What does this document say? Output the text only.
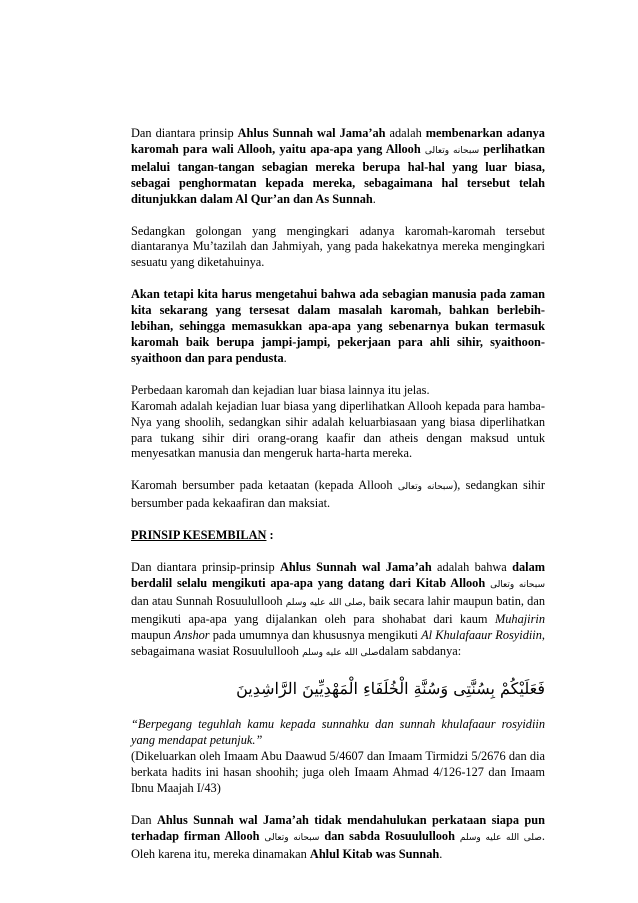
Dan diantara prinsip Ahlus Sunnah wal Jama’ah adalah membenarkan adanya karomah para wali Allooh, yaitu apa-apa yang Allooh سبحانه وتعالى perlihatkan melalui tangan-tangan sebagian mereka berupa hal-hal yang luar biasa, sebagai penghormatan kepada mereka, sebagaimana hal tersebut telah ditunjukkan dalam Al Qur’an dan As Sunnah.

Sedangkan golongan yang mengingkari adanya karomah-karomah tersebut diantaranya Mu’tazilah dan Jahmiyah, yang pada hakekatnya mereka mengingkari sesuatu yang diketahuinya.

Akan tetapi kita harus mengetahui bahwa ada sebagian manusia pada zaman kita sekarang yang tersesat dalam masalah karomah, bahkan berlebih-lebihan, sehingga memasukkan apa-apa yang sebenarnya bukan termasuk karomah baik berupa jampi-jampi, pekerjaan para ahli sihir, syaithoon-syaithoon dan para pendusta.

Perbedaan karomah dan kejadian luar biasa lainnya itu jelas.
Karomah adalah kejadian luar biasa yang diperlihatkan Allooh kepada para hamba-Nya yang shoolih, sedangkan sihir adalah keluarbiasaan yang biasa diperlihatkan para tukang sihir diri orang-orang kaafir dan atheis dengan maksud untuk menyesatkan manusia dan mengeruk harta-harta mereka.

Karomah bersumber pada ketaatan (kepada Allooh سبحانه وتعالى), sedangkan sihir bersumber pada kekaafiran dan maksiat.

PRINSIP KESEMBILAN :

Dan diantara prinsip-prinsip Ahlus Sunnah wal Jama’ah adalah bahwa dalam berdalil selalu mengikuti apa-apa yang datang dari Kitab Allooh سبحانه وتعالى dan atau Sunnah Rosuulullooh صلى الله عليه وسلم, baik secara lahir maupun batin, dan mengikuti apa-apa yang dijalankan oleh para shohabat dari kaum Muhajirin maupun Anshor pada umumnya dan khususnya mengikuti Al Khulafaaur Rosyidiin, sebagaimana wasiat Rosuulullooh صلى الله عليه وسلمdalam sabdanya:

فَعَلَيْكُمْ بِسُنَّتِى وَسُنَّةِ الْخُلَفَاءِ الْمَهْدِيِّينَ الرَّاشِدِينَ

“Berpegang teguhlah kamu kepada sunnahku dan sunnah khulafaaur rosyidiin yang mendapat petunjuk.”
(Dikeluarkan oleh Imaam Abu Daawud 5/4607 dan Imaam Tirmidzi 5/2676 dan dia berkata hadits ini hasan shoohih; juga oleh Imaam Ahmad 4/126-127 dan Imaam Ibnu Maajah I/43)

Dan Ahlus Sunnah wal Jama’ah tidak mendahulukan perkataan siapa pun terhadap firman Allooh سبحانه وتعالى dan sabda Rosuulullooh صلى الله عليه وسلم. Oleh karena itu, mereka dinamakan Ahlul Kitab was Sunnah.
